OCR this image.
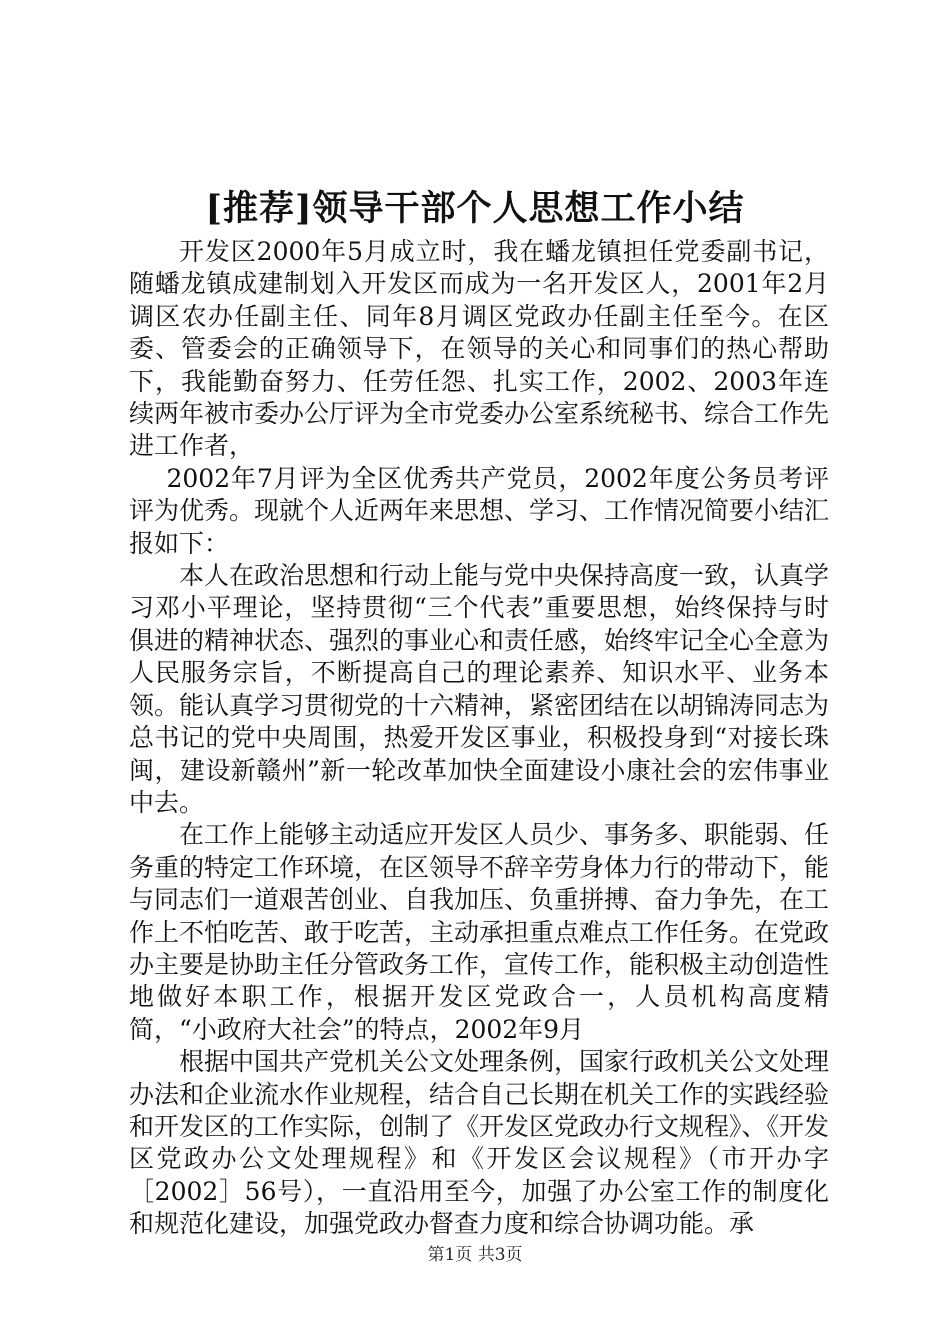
[推荐]领导干部个人思想工作小结

开发区2000年5月成立时，我在蟠龙镇担任党委副书记，随蟠龙镇成建制划入开发区而成为一名开发区人，2001年2月调区农办任副主任、同年8月调区党政办任副主任至今。在区委、管委会的正确领导下，在领导的关心和同事们的热心帮助下，我能勤奋努力、任劳任怨、扎实工作，2002、2003年连续两年被市委办公厅评为全市党委办公室系统秘书、综合工作先进工作者，

2002年7月评为全区优秀共产党员，2002年度公务员考评评为优秀。现就个人近两年来思想、学习、工作情况简要小结汇报如下：

本人在政治思想和行动上能与党中央保持高度一致，认真学习邓小平理论，坚持贯彻“三个代表”重要思想，始终保持与时俱进的精神状态、强烈的事业心和责任感，始终牢记全心全意为人民服务宗旨，不断提高自己的理论素养、知识水平、业务本领。能认真学习贯彻党的十六精神，紧密团结在以胡锦涛同志为总书记的党中央周围，热爱开发区事业，积极投身到“对接长珠闽，建设新赣州”新一轮改革加快全面建设小康社会的宏伟事业中去。

在工作上能够主动适应开发区人员少、事务多、职能弱、任务重的特定工作环境，在区领导不辞辛劳身体力行的带动下，能与同志们一道艰苦创业、自我加压、负重拼搏、奋力争先，在工作上不怕吃苦、敢于吃苦，主动承担重点难点工作任务。在党政办主要是协助主任分管政务工作，宣传工作，能积极主动创造性地做好本职工作，根据开发区党政合一，人员机构高度精简，“小政府大社会”的特点，2002年9月

根据中国共产党机关公文处理条例，国家行政机关公文处理办法和企业流水作业规程，结合自己长期在机关工作的实践经验和开发区的工作实际，创制了《开发区党政办行文规程》、《开发区党政办公文处理规程》和《开发区会议规程》（市开办字［2002］56号），一直沿用至今，加强了办公室工作的制度化和规范化建设，加强党政办督查力度和综合协调功能。承

第1页 共3页
